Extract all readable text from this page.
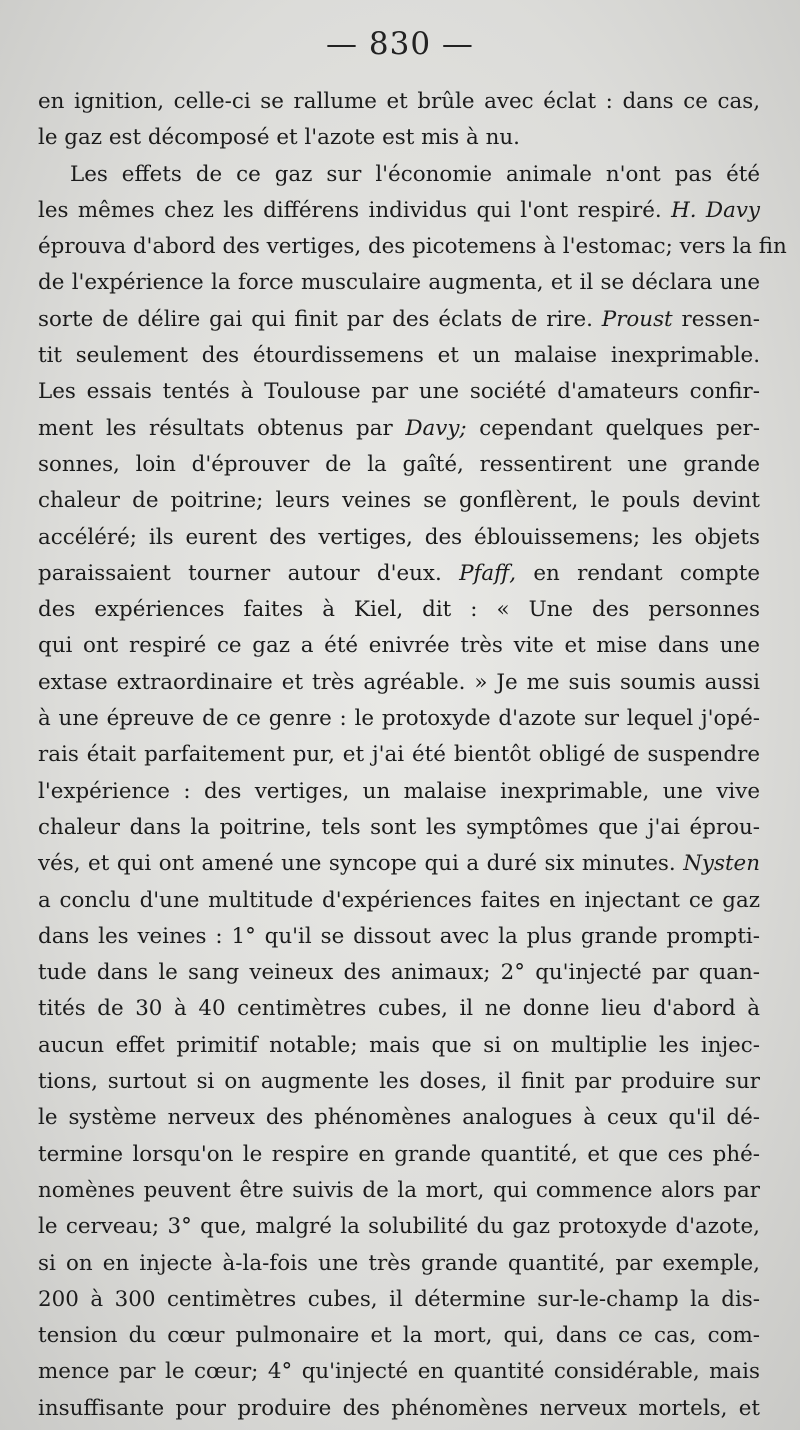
— 830 —
en ignition, celle-ci se rallume et brûle avec éclat : dans ce cas,
le gaz est décomposé et l'azote est mis à nu.
Les effets de ce gaz sur l'économie animale n'ont pas été
les mêmes chez les différens individus qui l'ont respiré. H. Davy
éprouva d'abord des vertiges, des picotemens à l'estomac; vers la fin
de l'expérience la force musculaire augmenta, et il se déclara une
sorte de délire gai qui finit par des éclats de rire. Proust ressen-
tit seulement des étourdissemens et un malaise inexprimable.
Les essais tentés à Toulouse par une société d'amateurs confir-
ment les résultats obtenus par Davy; cependant quelques per-
sonnes, loin d'éprouver de la gaîté, ressentirent une grande
chaleur de poitrine; leurs veines se gonflèrent, le pouls devint
accéléré; ils eurent des vertiges, des éblouissemens; les objets
paraissaient tourner autour d'eux. Pfaff, en rendant compte
des expériences faites à Kiel, dit : « Une des personnes
qui ont respiré ce gaz a été enivrée très vite et mise dans une
extase extraordinaire et très agréable. » Je me suis soumis aussi
à une épreuve de ce genre : le protoxyde d'azote sur lequel j'opé-
rais était parfaitement pur, et j'ai été bientôt obligé de suspendre
l'expérience : des vertiges, un malaise inexprimable, une vive
chaleur dans la poitrine, tels sont les symptômes que j'ai éprou-
vés, et qui ont amené une syncope qui a duré six minutes. Nysten
a conclu d'une multitude d'expériences faites en injectant ce gaz
dans les veines : 1° qu'il se dissout avec la plus grande prompti-
tude dans le sang veineux des animaux; 2° qu'injecté par quan-
tités de 30 à 40 centimètres cubes, il ne donne lieu d'abord à
aucun effet primitif notable; mais que si on multiplie les injec-
tions, surtout si on augmente les doses, il finit par produire sur
le système nerveux des phénomènes analogues à ceux qu'il dé-
termine lorsqu'on le respire en grande quantité, et que ces phé-
nomènes peuvent être suivis de la mort, qui commence alors par
le cerveau; 3° que, malgré la solubilité du gaz protoxyde d'azote,
si on en injecte à-la-fois une très grande quantité, par exemple,
200 à 300 centimètres cubes, il détermine sur-le-champ la dis-
tension du cœur pulmonaire et la mort, qui, dans ce cas, com-
mence par le cœur; 4° qu'injecté en quantité considérable, mais
insuffisante pour produire des phénomènes nerveux mortels, et
